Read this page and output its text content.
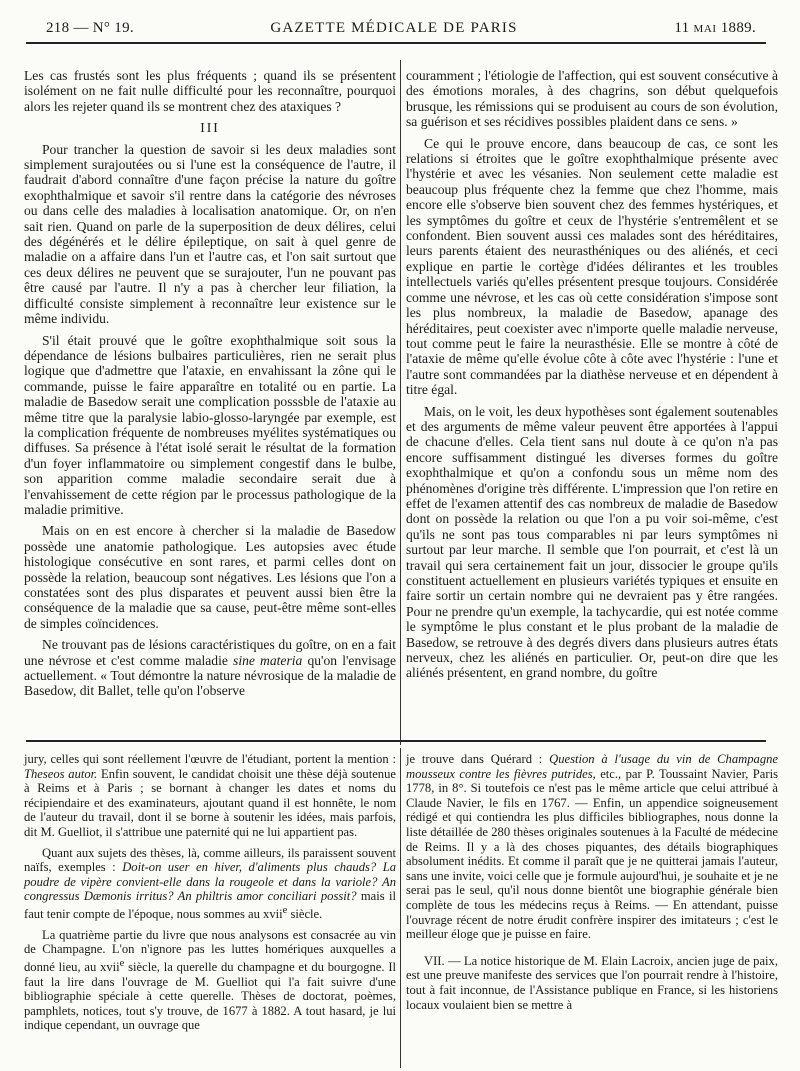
218 — N° 19.	GAZETTE MÉDICALE DE PARIS	11 MAI 1889.

Les cas frustés sont les plus fréquents ; quand ils se présentent isolément on ne fait nulle difficulté pour les reconnaître, pourquoi alors les rejeter quand ils se montrent chez des ataxiques ?

III

Pour trancher la question de savoir si les deux maladies sont simplement surajoutées ou si l'une est la conséquence de l'autre, il faudrait d'abord connaître d'une façon précise la nature du goître exophthalmique et savoir s'il rentre dans la catégorie des névroses ou dans celle des maladies à localisation anatomique. Or, on n'en sait rien. Quand on parle de la superposition de deux délires, celui des dégénérés et le délire épileptique, on sait à quel genre de maladie on a affaire dans l'un et l'autre cas, et l'on sait surtout que ces deux délires ne peuvent que se surajouter, l'un ne pouvant pas être causé par l'autre. Il n'y a pas à chercher leur filiation, la difficulté consiste simplement à reconnaître leur existence sur le même individu.

S'il était prouvé que le goître exophthalmique soit sous la dépendance de lésions bulbaires particulières, rien ne serait plus logique que d'admettre que l'ataxie, en envahissant la zône qui le commande, puisse le faire apparaître en totalité ou en partie. La maladie de Basedow serait une complication posssble de l'ataxie au même titre que la paralysie labio-glosso-laryngée par exemple, est la complication fréquente de nombreuses myélites systématiques ou diffuses. Sa présence à l'état isolé serait le résultat de la formation d'un foyer inflammatoire ou simplement congestif dans le bulbe, son apparition comme maladie secondaire serait due à l'envahissement de cette région par le processus pathologique de la maladie primitive.

Mais on en est encore à chercher si la maladie de Basedow possède une anatomie pathologique. Les autopsies avec étude histologique consécutive en sont rares, et parmi celles dont on possède la relation, beaucoup sont négatives. Les lésions que l'on a constatées sont des plus disparates et peuvent aussi bien être la conséquence de la maladie que sa cause, peut-être même sont-elles de simples coïncidences.

Ne trouvant pas de lésions caractéristiques du goître, on en a fait une névrose et c'est comme maladie sine materia qu'on l'envisage actuellement. « Tout démontre la nature névrosique de la maladie de Basedow, dit Ballet, telle qu'on l'observe

couramment ; l'étiologie de l'affection, qui est souvent consécutive à des émotions morales, à des chagrins, son début quelquefois brusque, les rémissions qui se produisent au cours de son évolution, sa guérison et ses récidives possibles plaident dans ce sens. »

Ce qui le prouve encore, dans beaucoup de cas, ce sont les relations si étroites que le goître exophthalmique présente avec l'hystérie et avec les vésanies. Non seulement cette maladie est beaucoup plus fréquente chez la femme que chez l'homme, mais encore elle s'observe bien souvent chez des femmes hystériques, et les symptômes du goître et ceux de l'hystérie s'entremêlent et se confondent. Bien souvent aussi ces malades sont des héréditaires, leurs parents étaient des neurasthéniques ou des aliénés, et ceci explique en partie le cortège d'idées délirantes et les troubles intellectuels variés qu'elles présentent presque toujours. Considérée comme une névrose, et les cas où cette considération s'impose sont les plus nombreux, la maladie de Basedow, apanage des héréditaires, peut coexister avec n'importe quelle maladie nerveuse, tout comme peut le faire la neurasthésie. Elle se montre à côté de l'ataxie de même qu'elle évolue côte à côte avec l'hystérie : l'une et l'autre sont commandées par la diathèse nerveuse et en dépendent à titre égal.

Mais, on le voit, les deux hypothèses sont également soutenables et des arguments de même valeur peuvent être apportées à l'appui de chacune d'elles. Cela tient sans nul doute à ce qu'on n'a pas encore suffisamment distingué les diverses formes du goître exophthalmique et qu'on a confondu sous un même nom des phénomènes d'origine très différente. L'impression que l'on retire en effet de l'examen attentif des cas nombreux de maladie de Basedow dont on possède la relation ou que l'on a pu voir soi-même, c'est qu'ils ne sont pas tous comparables ni par leurs symptômes ni surtout par leur marche. Il semble que l'on pourrait, et c'est là un travail qui sera certainement fait un jour, dissocier le groupe qu'ils constituent actuellement en plusieurs variétés typiques et ensuite en faire sortir un certain nombre qui ne devraient pas y être rangées. Pour ne prendre qu'un exemple, la tachycardie, qui est notée comme le symptôme le plus constant et le plus probant de la maladie de Basedow, se retrouve à des degrés divers dans plusieurs autres états nerveux, chez les aliénés en particulier. Or, peut-on dire que les aliénés présentent, en grand nombre, du goître

jury, celles qui sont réellement l'œuvre de l'étudiant, portent la mention : Theseos autor. Enfin souvent, le candidat choisit une thèse déjà soutenue à Reims et à Paris ; se bornant à changer les dates et noms du récipiendaire et des examinateurs, ajoutant quand il est honnête, le nom de l'auteur du travail, dont il se borne à soutenir les idées, mais parfois, dit M. Guelliot, il s'attribue une paternité qui ne lui appartient pas.

Quant aux sujets des thèses, là, comme ailleurs, ils paraissent souvent naïfs, exemples : Doit-on user en hiver, d'aliments plus chauds? La poudre de vipère convient-elle dans la rougeole et dans la variole? An congressus Dæmonis irritus? An philtris amor conciliari possit? mais il faut tenir compte de l'époque, nous sommes au xvii$^e$ siècle.

La quatrième partie du livre que nous analysons est consacrée au vin de Champagne. L'on n'ignore pas les luttes homériques auxquelles a donné lieu, au xvii$^e$ siècle, la querelle du champagne et du bourgogne. Il faut la lire dans l'ouvrage de M. Guelliot qui l'a fait suivre d'une bibliographie spéciale à cette querelle. Thèses de doctorat, poèmes, pamphlets, notices, tout s'y trouve, de 1677 à 1882. A tout hasard, je lui indique cependant, un ouvrage que

je trouve dans Quérard : Question à l'usage du vin de Champagne mousseux contre les fièvres putrides, etc., par P. Toussaint Navier, Paris 1778, in 8°. Si toutefois ce n'est pas le même article que celui attribué à Claude Navier, le fils en 1767. — Enfin, un appendice soigneusement rédigé et qui contiendra les plus difficiles bibliographes, nous donne la liste détaillée de 280 thèses originales soutenues à la Faculté de médecine de Reims. Il y a là des choses piquantes, des détails biographiques absolument inédits. Et comme il paraît que je ne quitterai jamais l'auteur, sans une invite, voici celle que je formule aujourd'hui, je souhaite et je ne serai pas le seul, qu'il nous donne bientôt une biographie générale bien complète de tous les médecins reçus à Reims. — En attendant, puisse l'ouvrage récent de notre érudit confrère inspirer des imitateurs ; c'est le meilleur éloge que je puisse en faire.

VII. — La notice historique de M. Elain Lacroix, ancien juge de paix, est une preuve manifeste des services que l'on pourrait rendre à l'histoire, tout à fait inconnue, de l'Assistance publique en France, si les historiens locaux voulaient bien se mettre à
